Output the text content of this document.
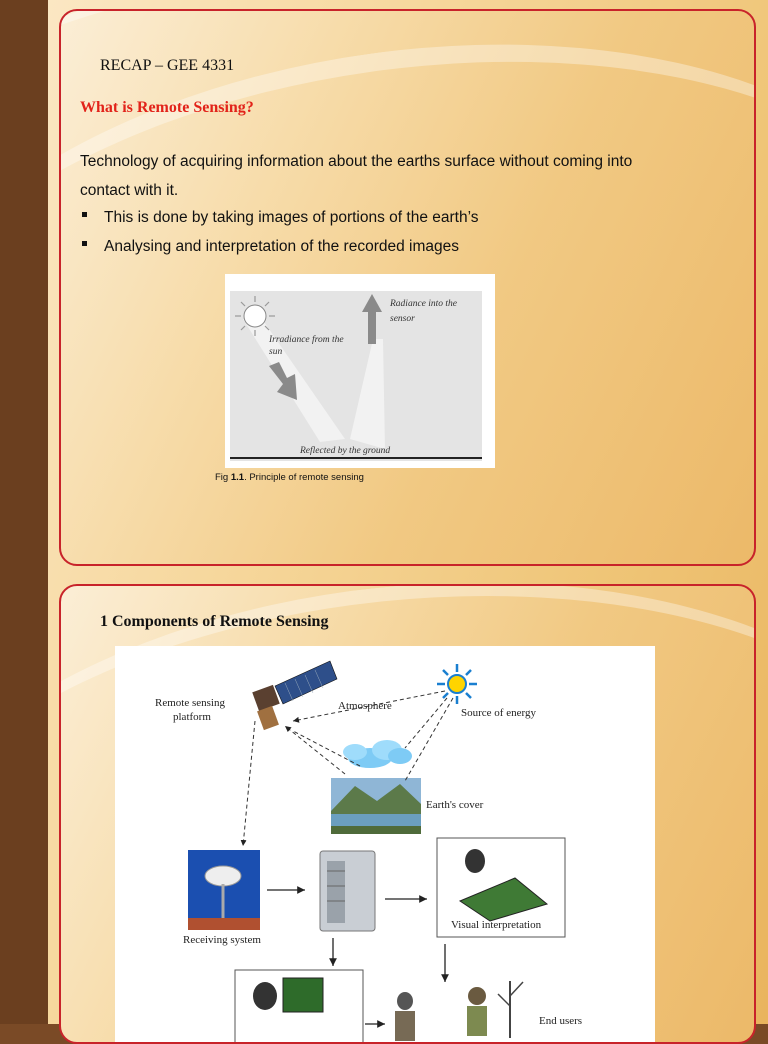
RECAP – GEE 4331
What is Remote Sensing?
Technology of acquiring information about the earths surface without coming into contact with it.
This is done by taking images of portions of the earth’s
Analysing and interpretation of the recorded images
Irradiance from the
sun
Radiance into the
sensor
Reflected by the ground
Fig 1.1. Principle of remote sensing
1 Components of Remote Sensing
Remote sensing
platform
Atmosphere
Source of energy
Earth's cover
Receiving system
Visual interpretation
End users
